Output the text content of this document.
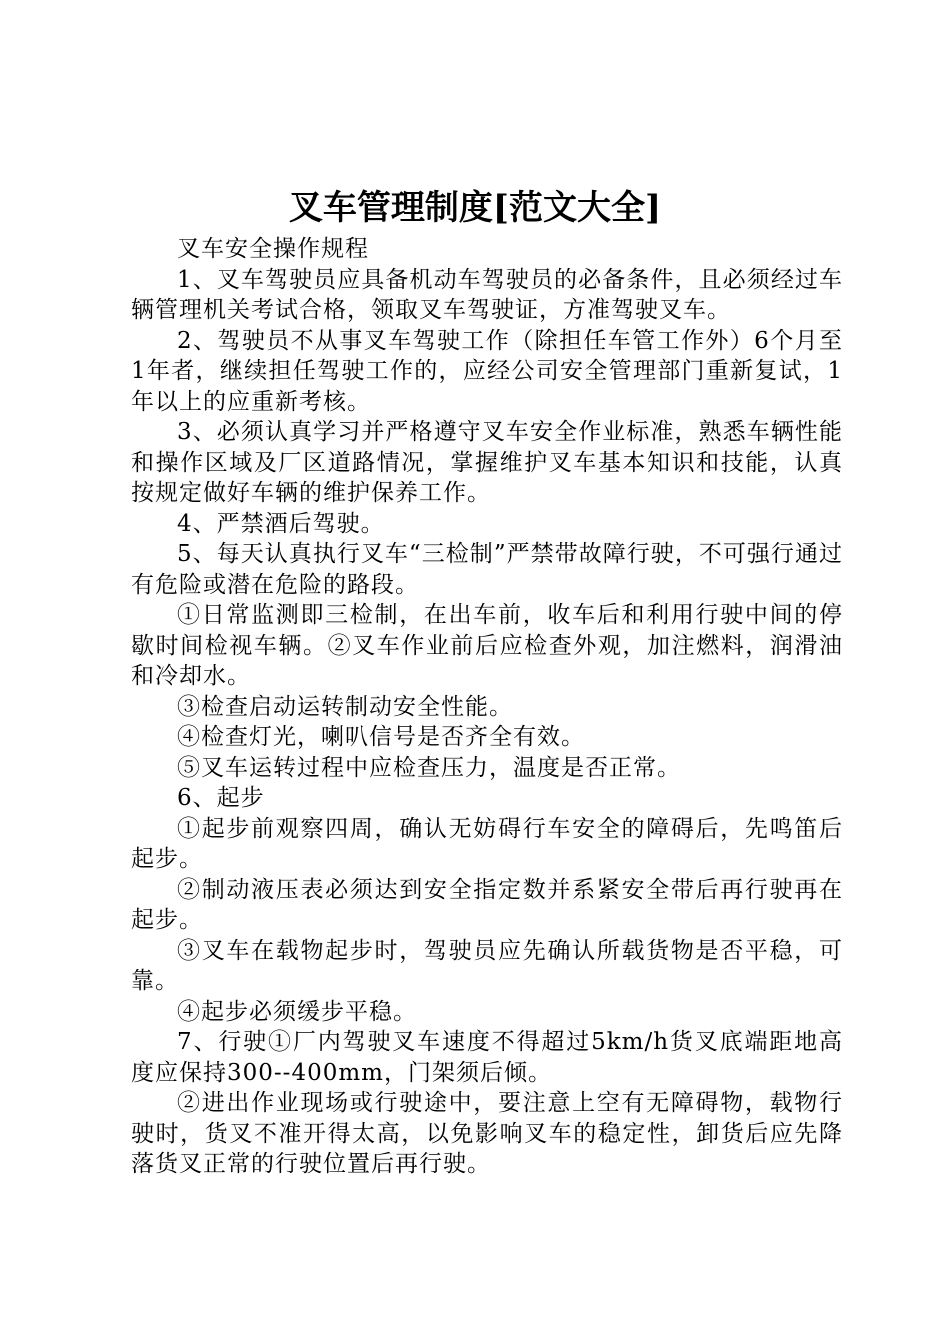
叉车管理制度[范文大全]

叉车安全操作规程

1、叉车驾驶员应具备机动车驾驶员的必备条件，且必须经过车辆管理机关考试合格，领取叉车驾驶证，方准驾驶叉车。

2、驾驶员不从事叉车驾驶工作（除担任车管工作外）6个月至1年者，继续担任驾驶工作的，应经公司安全管理部门重新复试，1年以上的应重新考核。

3、必须认真学习并严格遵守叉车安全作业标准，熟悉车辆性能和操作区域及厂区道路情况，掌握维护叉车基本知识和技能，认真按规定做好车辆的维护保养工作。

4、严禁酒后驾驶。

5、每天认真执行叉车“三检制”严禁带故障行驶，不可强行通过有危险或潜在危险的路段。

①日常监测即三检制，在出车前，收车后和利用行驶中间的停歇时间检视车辆。②叉车作业前后应检查外观，加注燃料，润滑油和冷却水。

③检查启动运转制动安全性能。

④检查灯光，喇叭信号是否齐全有效。

⑤叉车运转过程中应检查压力，温度是否正常。

6、起步

①起步前观察四周，确认无妨碍行车安全的障碍后，先鸣笛后起步。

②制动液压表必须达到安全指定数并系紧安全带后再行驶再在起步。

③叉车在载物起步时，驾驶员应先确认所载货物是否平稳，可靠。

④起步必须缓步平稳。

7、行驶①厂内驾驶叉车速度不得超过5km/h货叉底端距地高度应保持300--400mm，门架须后倾。

②进出作业现场或行驶途中，要注意上空有无障碍物，载物行驶时，货叉不准开得太高，以免影响叉车的稳定性，卸货后应先降落货叉正常的行驶位置后再行驶。
